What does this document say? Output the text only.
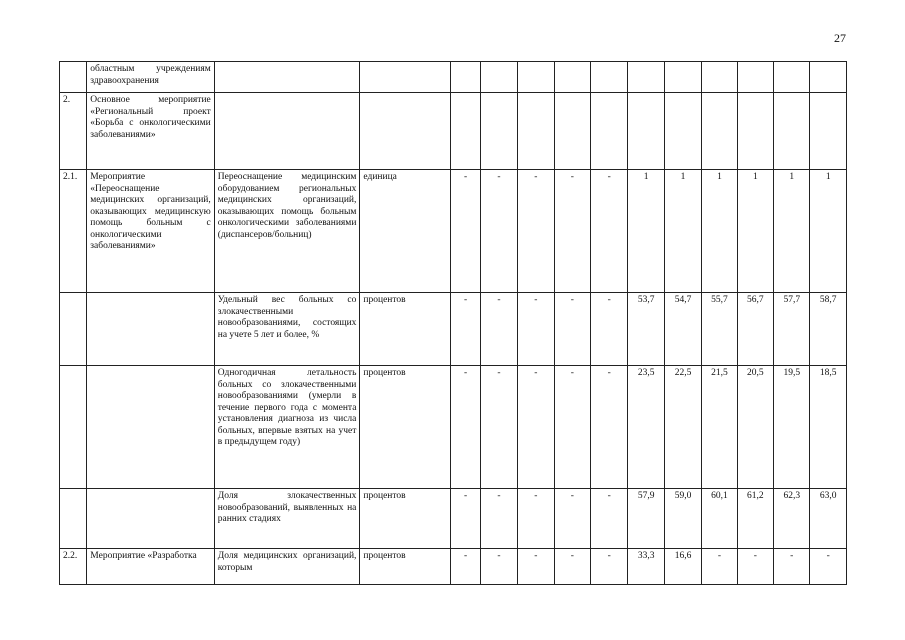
27
	областным учреждениям здравоохранения													
2.	Основное мероприятие «Региональный проект «Борьба с онкологическими заболеваниями»													
2.1.	Мероприятие «Переоснащение медицинских организаций, оказывающих медицинскую помощь больным с онкологическими заболеваниями»	Переоснащение медицинским оборудованием региональных медицинских организаций, оказывающих помощь больным онкологическими заболеваниями (диспансеров/больниц)	единица	-	-	-	-	-	1	1	1	1	1	1
		Удельный вес больных со злокачественными новообразованиями, состоящих на учете 5 лет и более, %	процентов	-	-	-	-	-	53,7	54,7	55,7	56,7	57,7	58,7
		Одногодичная летальность больных со злокачественными новообразованиями (умерли в течение первого года с момента установления диагноза из числа больных, впервые взятых на учет в предыдущем году)	процентов	-	-	-	-	-	23,5	22,5	21,5	20,5	19,5	18,5
		Доля злокачественных новообразований, выявленных на ранних стадиях	процентов	-	-	-	-	-	57,9	59,0	60,1	61,2	62,3	63,0
2.2.	Мероприятие «Разработка	Доля медицинских организаций, которым	процентов	-	-	-	-	-	33,3	16,6	-	-	-	-
